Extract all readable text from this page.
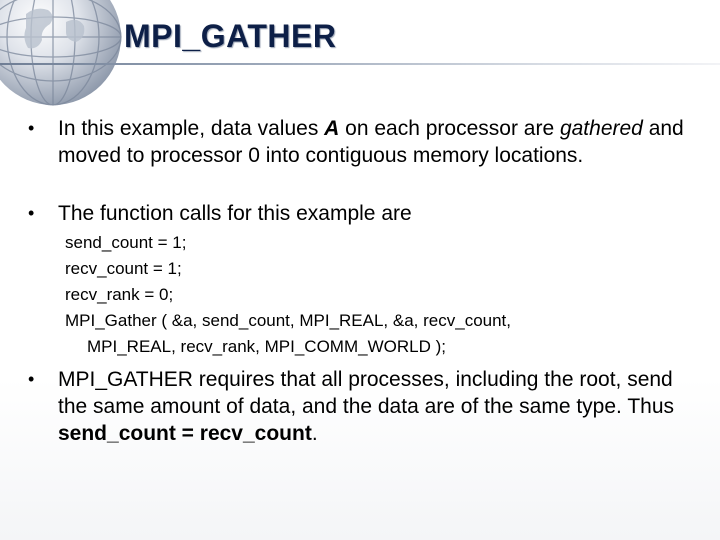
MPI_GATHER
• In this example, data values A on each processor are gathered and moved to processor 0 into contiguous memory locations.
• The function calls for this example are
send_count = 1;
recv_count = 1;
recv_rank = 0;
MPI_Gather ( &a, send_count, MPI_REAL, &a, recv_count,
MPI_REAL, recv_rank, MPI_COMM_WORLD );
• MPI_GATHER requires that all processes, including the root, send the same amount of data, and the data are of the same type. Thus send_count = recv_count.
